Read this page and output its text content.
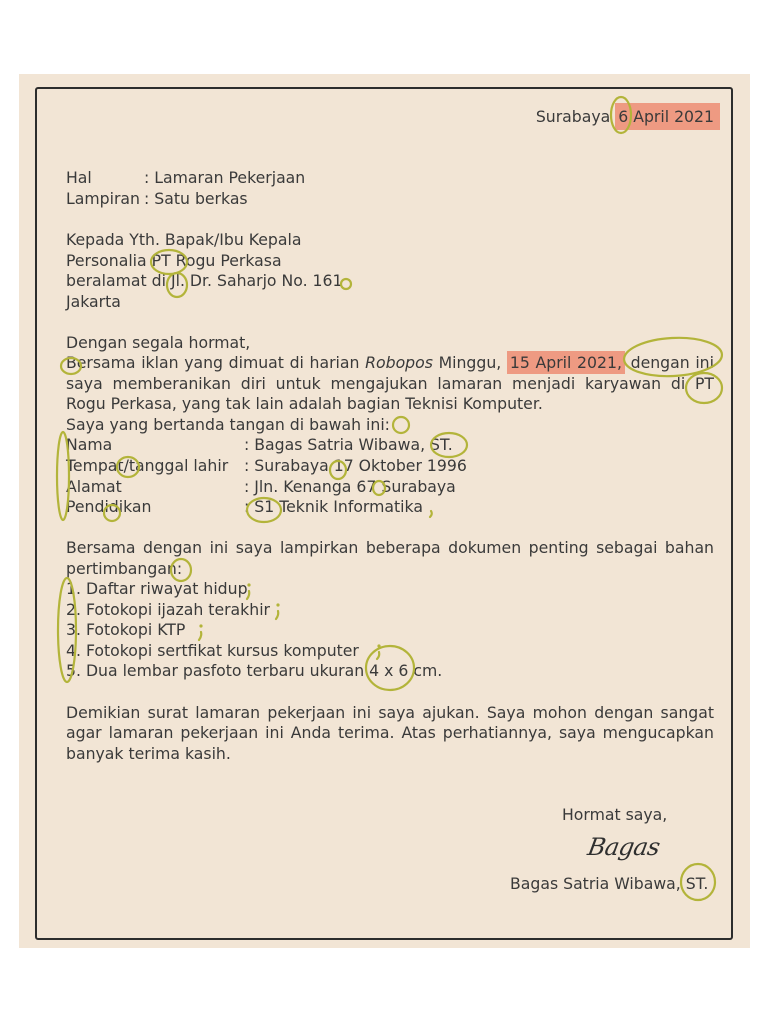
Surabaya 6 April 2021
Hal	: Lamaran Pekerjaan
Lampiran : Satu berkas
Kepada Yth. Bapak/Ibu Kepala
Personalia PT Rogu Perkasa
beralamat di Jl. Dr. Saharjo No. 161
Jakarta
Dengan segala hormat,
Bersama iklan yang dimuat di harian Robopos Minggu, 15 April 2021, dengan ini
saya memberanikan diri untuk mengajukan lamaran menjadi karyawan di PT
Rogu Perkasa, yang tak lain adalah bagian Teknisi Komputer.
Saya yang bertanda tangan di bawah ini:
Nama	: Bagas Satria Wibawa, ST.
Tempat/tanggal lahir	: Surabaya 17 Oktober 1996
Alamat	: Jln. Kenanga 67 Surabaya
Pendidikan	: S1 Teknik Informatika
Bersama dengan ini saya lampirkan beberapa dokumen penting sebagai bahan
pertimbangan:
1. Daftar riwayat hidup
2. Fotokopi ijazah terakhir
3. Fotokopi KTP
4. Fotokopi sertfikat kursus komputer
5. Dua lembar pasfoto terbaru ukuran 4 x 6 cm.
Demikian surat lamaran pekerjaan ini saya ajukan. Saya mohon dengan sangat
agar lamaran pekerjaan ini Anda terima. Atas perhatiannya, saya mengucapkan
banyak terima kasih.
Hormat saya,
Bagas
Bagas Satria Wibawa, ST.
